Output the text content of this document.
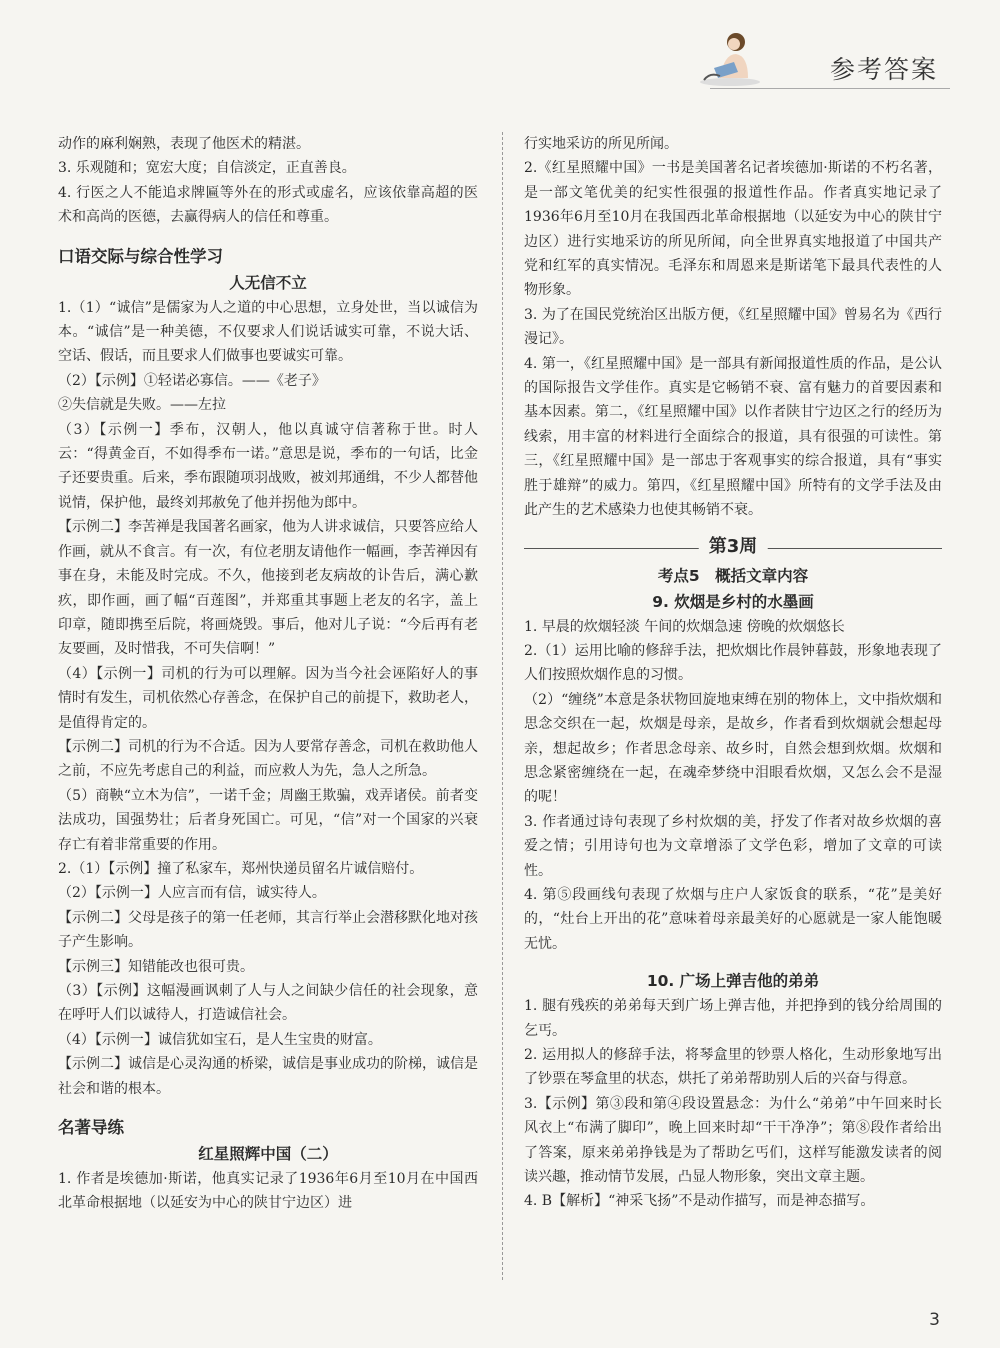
参考答案

动作的麻利娴熟，表现了他医术的精湛。

3. 乐观随和；宽宏大度；自信淡定，正直善良。

4. 行医之人不能追求牌匾等外在的形式或虚名，应该依靠高超的医术和高尚的医德，去赢得病人的信任和尊重。

口语交际与综合性学习
人无信不立

1.（1）“诚信”是儒家为人之道的中心思想，立身处世，当以诚信为本。“诚信”是一种美德，不仅要求人们说话诚实可靠，不说大话、空话、假话，而且要求人们做事也要诚实可靠。

（2）【示例】①轻诺必寡信。——《老子》

②失信就是失败。——左拉

（3）【示例一】季布，汉朝人，他以真诚守信著称于世。时人云：“得黄金百，不如得季布一诺。”意思是说，季布的一句话，比金子还要贵重。后来，季布跟随项羽战败，被刘邦通缉，不少人都替他说情，保护他，最终刘邦赦免了他并拐他为郎中。

【示例二】李苦禅是我国著名画家，他为人讲求诚信，只要答应给人作画，就从不食言。有一次，有位老朋友请他作一幅画，李苦禅因有事在身，未能及时完成。不久，他接到老友病故的讣告后，满心歉疚，即作画，画了幅“百莲图”，并郑重其事题上老友的名字，盖上印章，随即携至后院，将画烧毁。事后，他对儿子说：“今后再有老友要画，及时惜我，不可失信啊！”

（4）【示例一】司机的行为可以理解。因为当今社会诬陷好人的事情时有发生，司机依然心存善念，在保护自己的前提下，救助老人，是值得肯定的。

【示例二】司机的行为不合适。因为人要常存善念，司机在救助他人之前，不应先考虑自己的利益，而应救人为先，急人之所急。

（5）商鞅“立木为信”，一诺千金；周幽王欺骗，戏弄诸侯。前者变法成功，国强势壮；后者身死国亡。可见，“信”对一个国家的兴衰存亡有着非常重要的作用。

2.（1）【示例】撞了私家车，郑州快递员留名片诚信赔付。

（2）【示例一】人应言而有信，诚实待人。

【示例二】父母是孩子的第一任老师，其言行举止会潜移默化地对孩子产生影响。

【示例三】知错能改也很可贵。

（3）【示例】这幅漫画讽刺了人与人之间缺少信任的社会现象，意在呼吁人们以诚待人，打造诚信社会。

（4）【示例一】诚信犹如宝石，是人生宝贵的财富。

【示例二】诚信是心灵沟通的桥梁，诚信是事业成功的阶梯，诚信是社会和谐的根本。

名著导练
红星照辉中国（二）

1. 作者是埃德加·斯诺，他真实记录了1936年6月至10月在中国西北革命根据地（以延安为中心的陕甘宁边区）进

行实地采访的所见所闻。

2.《红星照耀中国》一书是美国著名记者埃德加·斯诺的不朽名著，是一部文笔优美的纪实性很强的报道性作品。作者真实地记录了1936年6月至10月在我国西北革命根据地（以延安为中心的陕甘宁边区）进行实地采访的所见所闻，向全世界真实地报道了中国共产党和红军的真实情况。毛泽东和周恩来是斯诺笔下最具代表性的人物形象。

3. 为了在国民党统治区出版方便，《红星照耀中国》曾易名为《西行漫记》。

4. 第一，《红星照耀中国》是一部具有新闻报道性质的作品，是公认的国际报告文学佳作。真实是它畅销不衰、富有魅力的首要因素和基本因素。第二，《红星照耀中国》以作者陕甘宁边区之行的经历为线索，用丰富的材料进行全面综合的报道，具有很强的可读性。第三，《红星照耀中国》是一部忠于客观事实的综合报道，具有“事实胜于雄辩”的威力。第四，《红星照耀中国》所特有的文学手法及由此产生的艺术感染力也使其畅销不衰。

第3周
考点5　概括文章内容
9. 炊烟是乡村的水墨画

1. 早晨的炊烟轻淡 午间的炊烟急速 傍晚的炊烟悠长

2.（1）运用比喻的修辞手法，把炊烟比作晨钟暮鼓，形象地表现了人们按照炊烟作息的习惯。

（2）“缠绕”本意是条状物回旋地束缚在别的物体上，文中指炊烟和思念交织在一起，炊烟是母亲，是故乡，作者看到炊烟就会想起母亲，想起故乡；作者思念母亲、故乡时，自然会想到炊烟。炊烟和思念紧密缠绕在一起，在魂牵梦绕中泪眼看炊烟，又怎么会不是湿的呢！

3. 作者通过诗句表现了乡村炊烟的美，抒发了作者对故乡炊烟的喜爱之情；引用诗句也为文章增添了文学色彩，增加了文章的可读性。

4. 第⑤段画线句表现了炊烟与庄户人家饭食的联系，“花”是美好的，“灶台上开出的花”意味着母亲最美好的心愿就是一家人能饱暖无忧。

10. 广场上弹吉他的弟弟

1. 腿有残疾的弟弟每天到广场上弹吉他，并把挣到的钱分给周围的乞丐。

2. 运用拟人的修辞手法，将琴盒里的钞票人格化，生动形象地写出了钞票在琴盒里的状态，烘托了弟弟帮助别人后的兴奋与得意。

3.【示例】第③段和第④段设置悬念：为什么“弟弟”中午回来时长风衣上“布满了脚印”，晚上回来时却“干干净净”；第⑧段作者给出了答案，原来弟弟挣钱是为了帮助乞丐们，这样写能激发读者的阅读兴趣，推动情节发展，凸显人物形象，突出文章主题。

4. B【解析】“神采飞扬”不是动作描写，而是神态描写。

3
